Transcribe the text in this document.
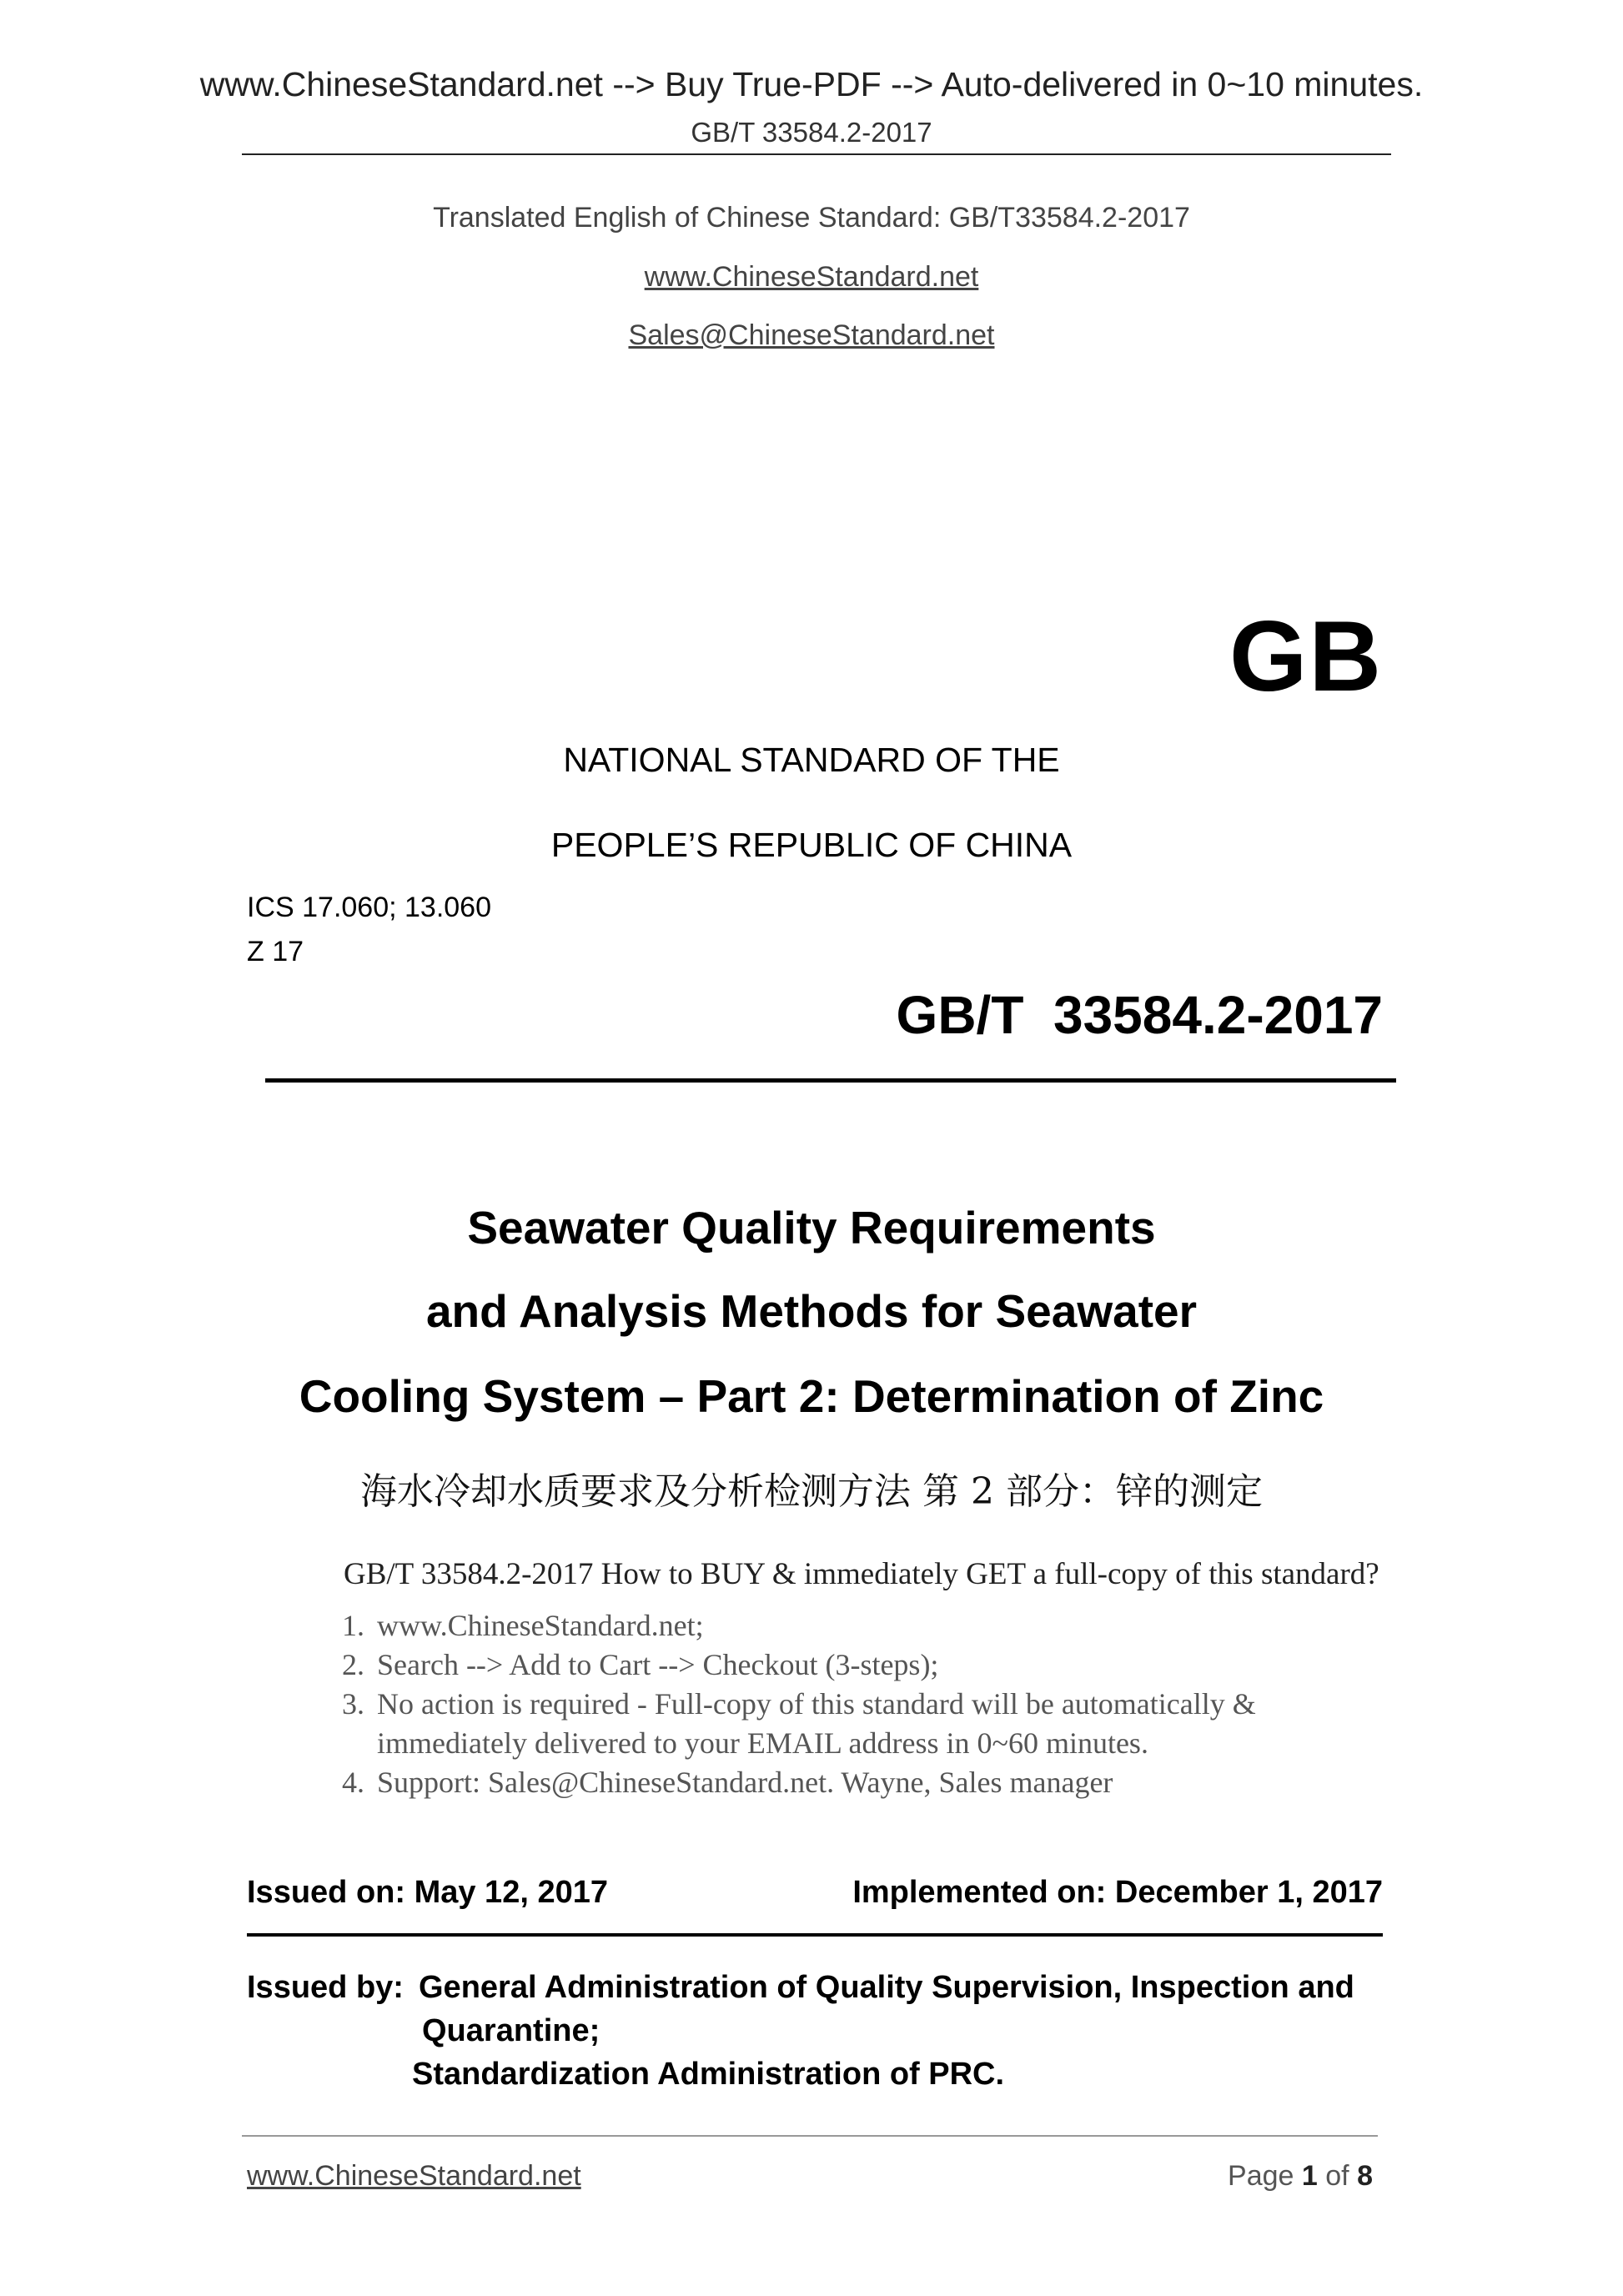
www.ChineseStandard.net --> Buy True-PDF --> Auto-delivered in 0~10 minutes.
GB/T 33584.2-2017
Translated English of Chinese Standard: GB/T33584.2-2017
www.ChineseStandard.net
Sales@ChineseStandard.net
GB
NATIONAL STANDARD OF THE
PEOPLE’S REPUBLIC OF CHINA
ICS 17.060; 13.060
Z 17
GB/T  33584.2-2017
Seawater Quality Requirements
and Analysis Methods for Seawater
Cooling System – Part 2: Determination of Zinc
海水冷却水质要求及分析检测方法 第 2 部分：锌的测定
GB/T 33584.2-2017 How to BUY & immediately GET a full-copy of this standard?
1. www.ChineseStandard.net;
2. Search --> Add to Cart --> Checkout (3-steps);
3. No action is required - Full-copy of this standard will be automatically &
immediately delivered to your EMAIL address in 0~60 minutes.
4. Support: Sales@ChineseStandard.net. Wayne, Sales manager
Issued on: May 12, 2017	Implemented on: December 1, 2017
Issued by: General Administration of Quality Supervision, Inspection and
Quarantine;
Standardization Administration of PRC.
www.ChineseStandard.net	Page 1 of 8
